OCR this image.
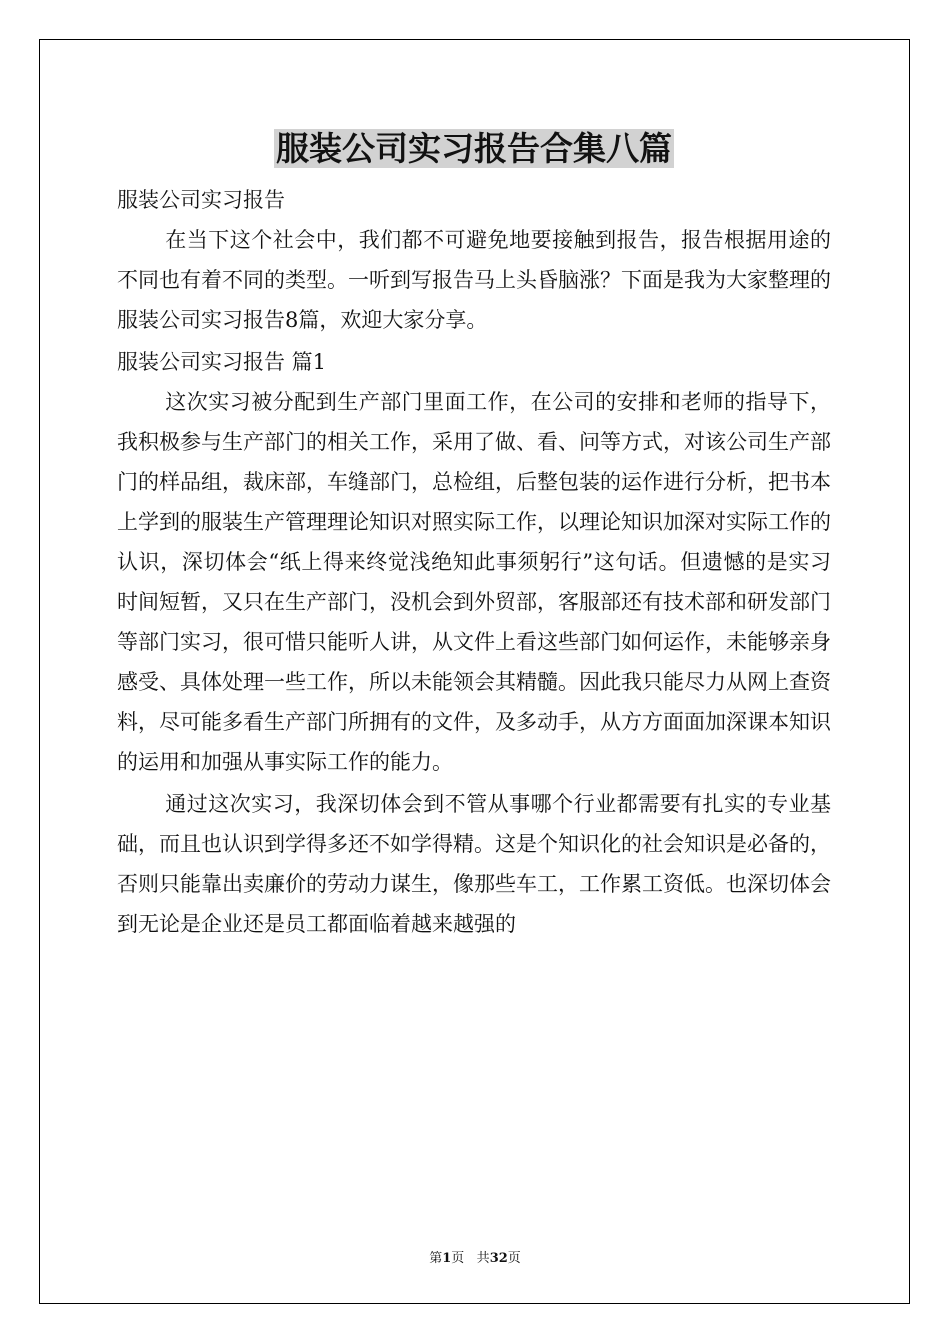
服装公司实习报告合集八篇
服装公司实习报告

在当下这个社会中，我们都不可避免地要接触到报告，报告根据用途的不同也有着不同的类型。一听到写报告马上头昏脑涨？下面是我为大家整理的服装公司实习报告8篇，欢迎大家分享。

服装公司实习报告 篇1

这次实习被分配到生产部门里面工作，在公司的安排和老师的指导下，我积极参与生产部门的相关工作，采用了做、看、问等方式，对该公司生产部门的样品组，裁床部，车缝部门，总检组，后整包装的运作进行分析，把书本上学到的服装生产管理理论知识对照实际工作，以理论知识加深对实际工作的认识，深切体会“纸上得来终觉浅绝知此事须躬行”这句话。但遗憾的是实习时间短暂，又只在生产部门，没机会到外贸部，客服部还有技术部和研发部门等部门实习，很可惜只能听人讲，从文件上看这些部门如何运作，未能够亲身感受、具体处理一些工作，所以未能领会其精髓。因此我只能尽力从网上查资料，尽可能多看生产部门所拥有的文件，及多动手，从方方面面加深课本知识的运用和加强从事实际工作的能力。

通过这次实习，我深切体会到不管从事哪个行业都需要有扎实的专业基础，而且也认识到学得多还不如学得精。这是个知识化的社会知识是必备的，否则只能靠出卖廉价的劳动力谋生，像那些车工，工作累工资低。也深切体会到无论是企业还是员工都面临着越来越强的

第1页 共32页
